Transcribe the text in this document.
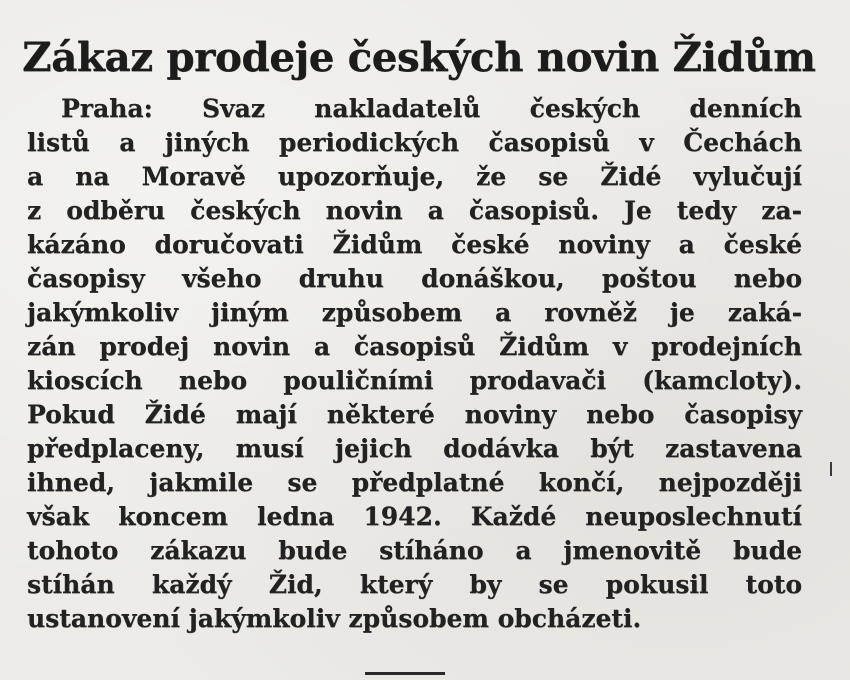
Zákaz prodeje českých novin Židům
Praha: Svaz nakladatelů českých denních
listů a jiných periodických časopisů v Čechách
a na Moravě upozorňuje, že se Židé vylučují
z odběru českých novin a časopisů. Je tedy za-
kázáno doručovati Židům české noviny a české
časopisy všeho druhu donáškou, poštou nebo
jakýmkoliv jiným způsobem a rovněž je zaká-
zán prodej novin a časopisů Židům v prodejních
kioscích nebo pouličními prodavači (kamcloty).
Pokud Židé mají některé noviny nebo časopisy
předplaceny, musí jejich dodávka být zastavena
ihned, jakmile se předplatné končí, nejpozději
však koncem ledna 1942. Každé neuposlechnutí
tohoto zákazu bude stíháno a jmenovitě bude
stíhán každý Žid, který by se pokusil toto
ustanovení jakýmkoliv způsobem obcházeti.
